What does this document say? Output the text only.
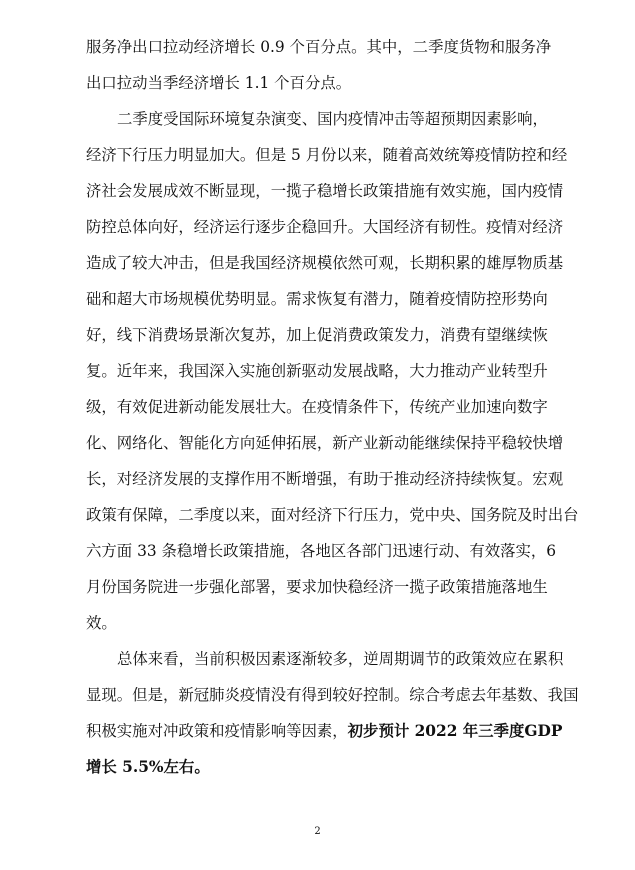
服务净出口拉动经济增长 0.9 个百分点。其中，二季度货物和服务净
出口拉动当季经济增长 1.1 个百分点。
二季度受国际环境复杂演变、国内疫情冲击等超预期因素影响，
经济下行压力明显加大。但是 5 月份以来，随着高效统筹疫情防控和经
济社会发展成效不断显现，一揽子稳增长政策措施有效实施，国内疫情
防控总体向好，经济运行逐步企稳回升。大国经济有韧性。疫情对经济
造成了较大冲击，但是我国经济规模依然可观，长期积累的雄厚物质基
础和超大市场规模优势明显。需求恢复有潜力，随着疫情防控形势向
好，线下消费场景渐次复苏，加上促消费政策发力，消费有望继续恢
复。近年来，我国深入实施创新驱动发展战略，大力推动产业转型升
级，有效促进新动能发展壮大。在疫情条件下，传统产业加速向数字
化、网络化、智能化方向延伸拓展，新产业新动能继续保持平稳较快增
长，对经济发展的支撑作用不断增强，有助于推动经济持续恢复。宏观
政策有保障，二季度以来，面对经济下行压力，党中央、国务院及时出台
六方面 33 条稳增长政策措施，各地区各部门迅速行动、有效落实，6
月份国务院进一步强化部署，要求加快稳经济一揽子政策措施落地生
效。
总体来看，当前积极因素逐渐较多，逆周期调节的政策效应在累积
显现。但是，新冠肺炎疫情没有得到较好控制。综合考虑去年基数、我国
积极实施对冲政策和疫情影响等因素，初步预计 2022 年三季度GDP
增长 5.5%左右。
2
